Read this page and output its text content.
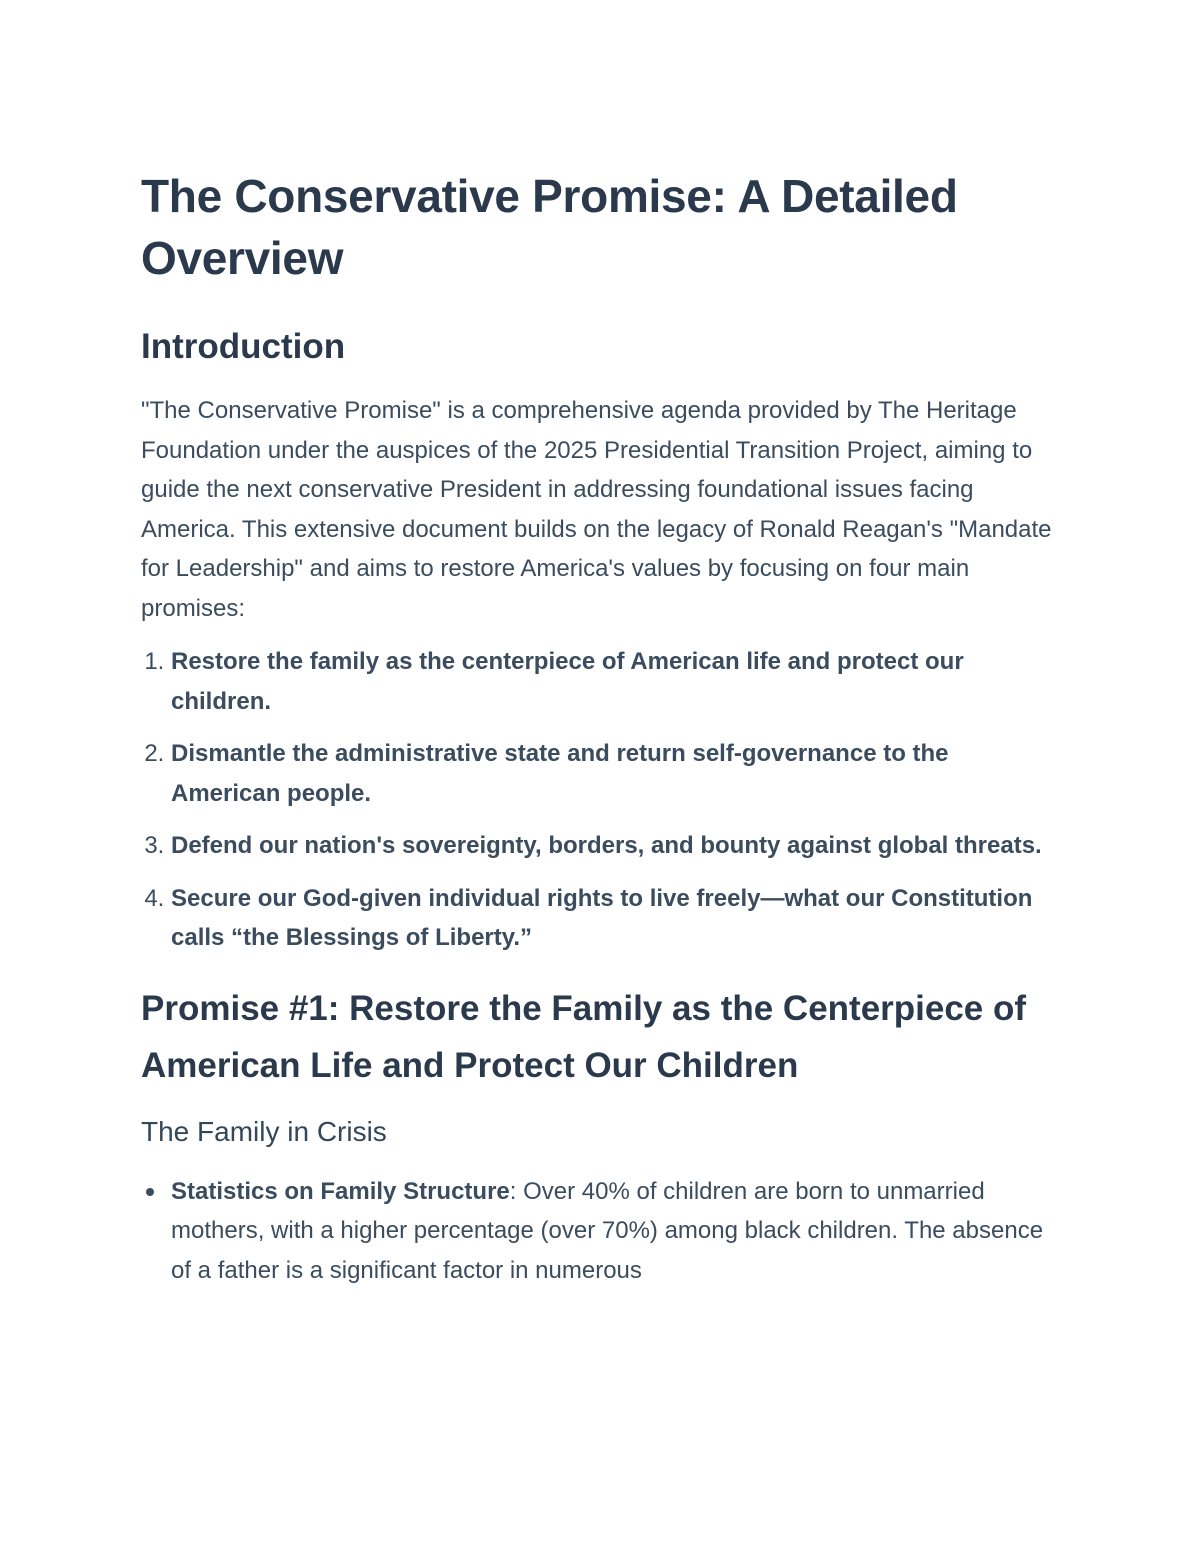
The Conservative Promise: A Detailed Overview
Introduction

"The Conservative Promise" is a comprehensive agenda provided by The Heritage Foundation under the auspices of the 2025 Presidential Transition Project, aiming to guide the next conservative President in addressing foundational issues facing America. This extensive document builds on the legacy of Ronald Reagan's "Mandate for Leadership" and aims to restore America's values by focusing on four main promises:

1. Restore the family as the centerpiece of American life and protect our children.
2. Dismantle the administrative state and return self-governance to the American people.
3. Defend our nation's sovereignty, borders, and bounty against global threats.
4. Secure our God-given individual rights to live freely—what our Constitution calls “the Blessings of Liberty.”
Promise #1: Restore the Family as the Centerpiece of American Life and Protect Our Children
The Family in Crisis
Statistics on Family Structure: Over 40% of children are born to unmarried mothers, with a higher percentage (over 70%) among black children. The absence of a father is a significant factor in numerous
